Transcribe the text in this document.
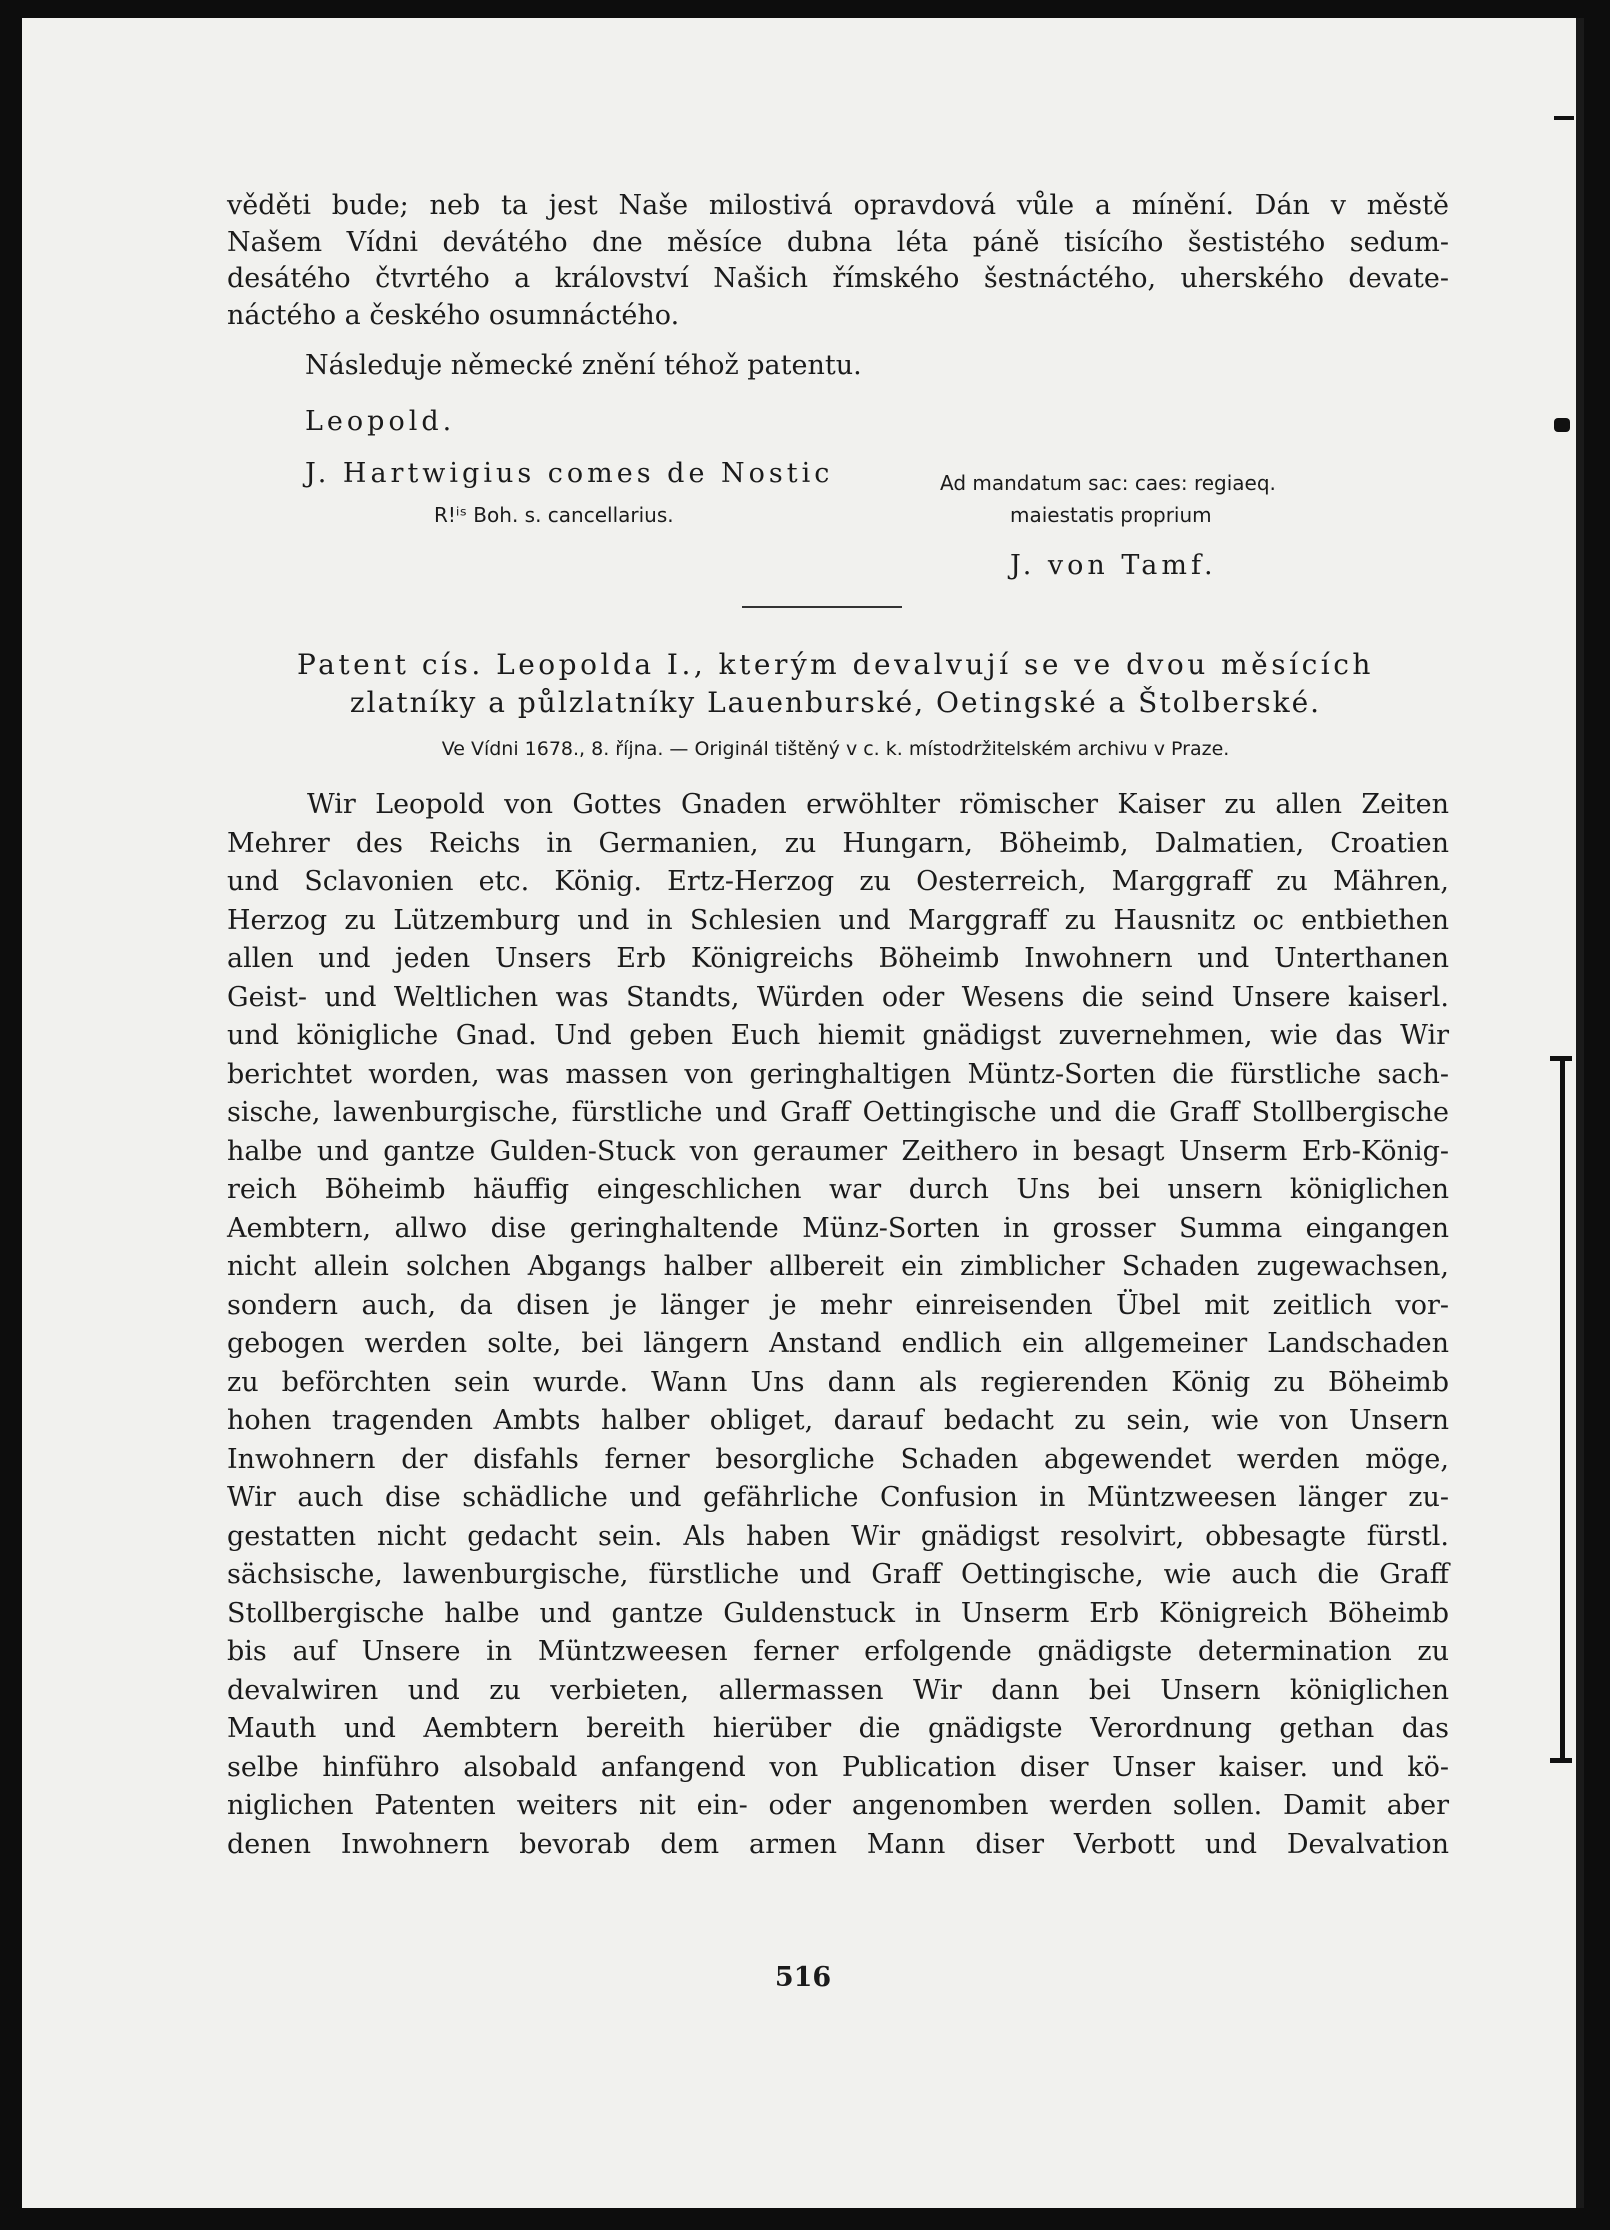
věděti bude; neb ta jest Naše milostivá opravdová vůle a mínění. Dán v městě

Našem Vídni devátého dne měsíce dubna léta páně tisícího šestistého sedum-

desátého čtvrtého a království Našich římského šestnáctého, uherského devate-

náctého a českého osumnáctého.

Následuje německé znění téhož patentu.
Leopold.
J. Hartwigius comes de Nostic
R!ⁱˢ Boh. s. cancellarius.
Ad mandatum sac: caes: regiaeq.
maiestatis proprium
J. von Tamf.
Patent cís. Leopolda I., kterým devalvují se ve dvou měsících
zlatníky a půlzlatníky Lauenburské, Oetingské a Štolberské.
Ve Vídni 1678., 8. října. — Originál tištěný v c. k. místodržitelském archivu v Praze.

Wir Leopold von Gottes Gnaden erwöhlter römischer Kaiser zu allen Zeiten

Mehrer des Reichs in Germanien, zu Hungarn, Böheimb, Dalmatien, Croatien

und Sclavonien etc. König. Ertz-Herzog zu Oesterreich, Marggraff zu Mähren,

Herzog zu Lützemburg und in Schlesien und Marggraff zu Hausnitz oc entbiethen

allen und jeden Unsers Erb Königreichs Böheimb Inwohnern und Unterthanen

Geist- und Weltlichen was Standts, Würden oder Wesens die seind Unsere kaiserl.

und königliche Gnad. Und geben Euch hiemit gnädigst zuvernehmen, wie das Wir

berichtet worden, was massen von geringhaltigen Müntz-Sorten die fürstliche sach-

sische, lawenburgische, fürstliche und Graff Oettingische und die Graff Stollbergische

halbe und gantze Gulden-Stuck von geraumer Zeithero in besagt Unserm Erb-König-

reich Böheimb häuffig eingeschlichen war durch Uns bei unsern königlichen

Aembtern, allwo dise geringhaltende Münz-Sorten in grosser Summa eingangen

nicht allein solchen Abgangs halber allbereit ein zimblicher Schaden zugewachsen,

sondern auch, da disen je länger je mehr einreisenden Übel mit zeitlich vor-

gebogen werden solte, bei längern Anstand endlich ein allgemeiner Landschaden

zu beförchten sein wurde. Wann Uns dann als regierenden König zu Böheimb

hohen tragenden Ambts halber obliget, darauf bedacht zu sein, wie von Unsern

Inwohnern der disfahls ferner besorgliche Schaden abgewendet werden möge,

Wir auch dise schädliche und gefährliche Confusion in Müntzweesen länger zu-

gestatten nicht gedacht sein. Als haben Wir gnädigst resolvirt, obbesagte fürstl.

sächsische, lawenburgische, fürstliche und Graff Oettingische, wie auch die Graff

Stollbergische halbe und gantze Guldenstuck in Unserm Erb Königreich Böheimb

bis auf Unsere in Müntzweesen ferner erfolgende gnädigste determination zu

devalwiren und zu verbieten, allermassen Wir dann bei Unsern königlichen

Mauth und Aembtern bereith hierüber die gnädigste Verordnung gethan das

selbe hinführo alsobald anfangend von Publication diser Unser kaiser. und kö-

niglichen Patenten weiters nit ein- oder angenomben werden sollen. Damit aber

denen Inwohnern bevorab dem armen Mann diser Verbott und Devalvation

516
